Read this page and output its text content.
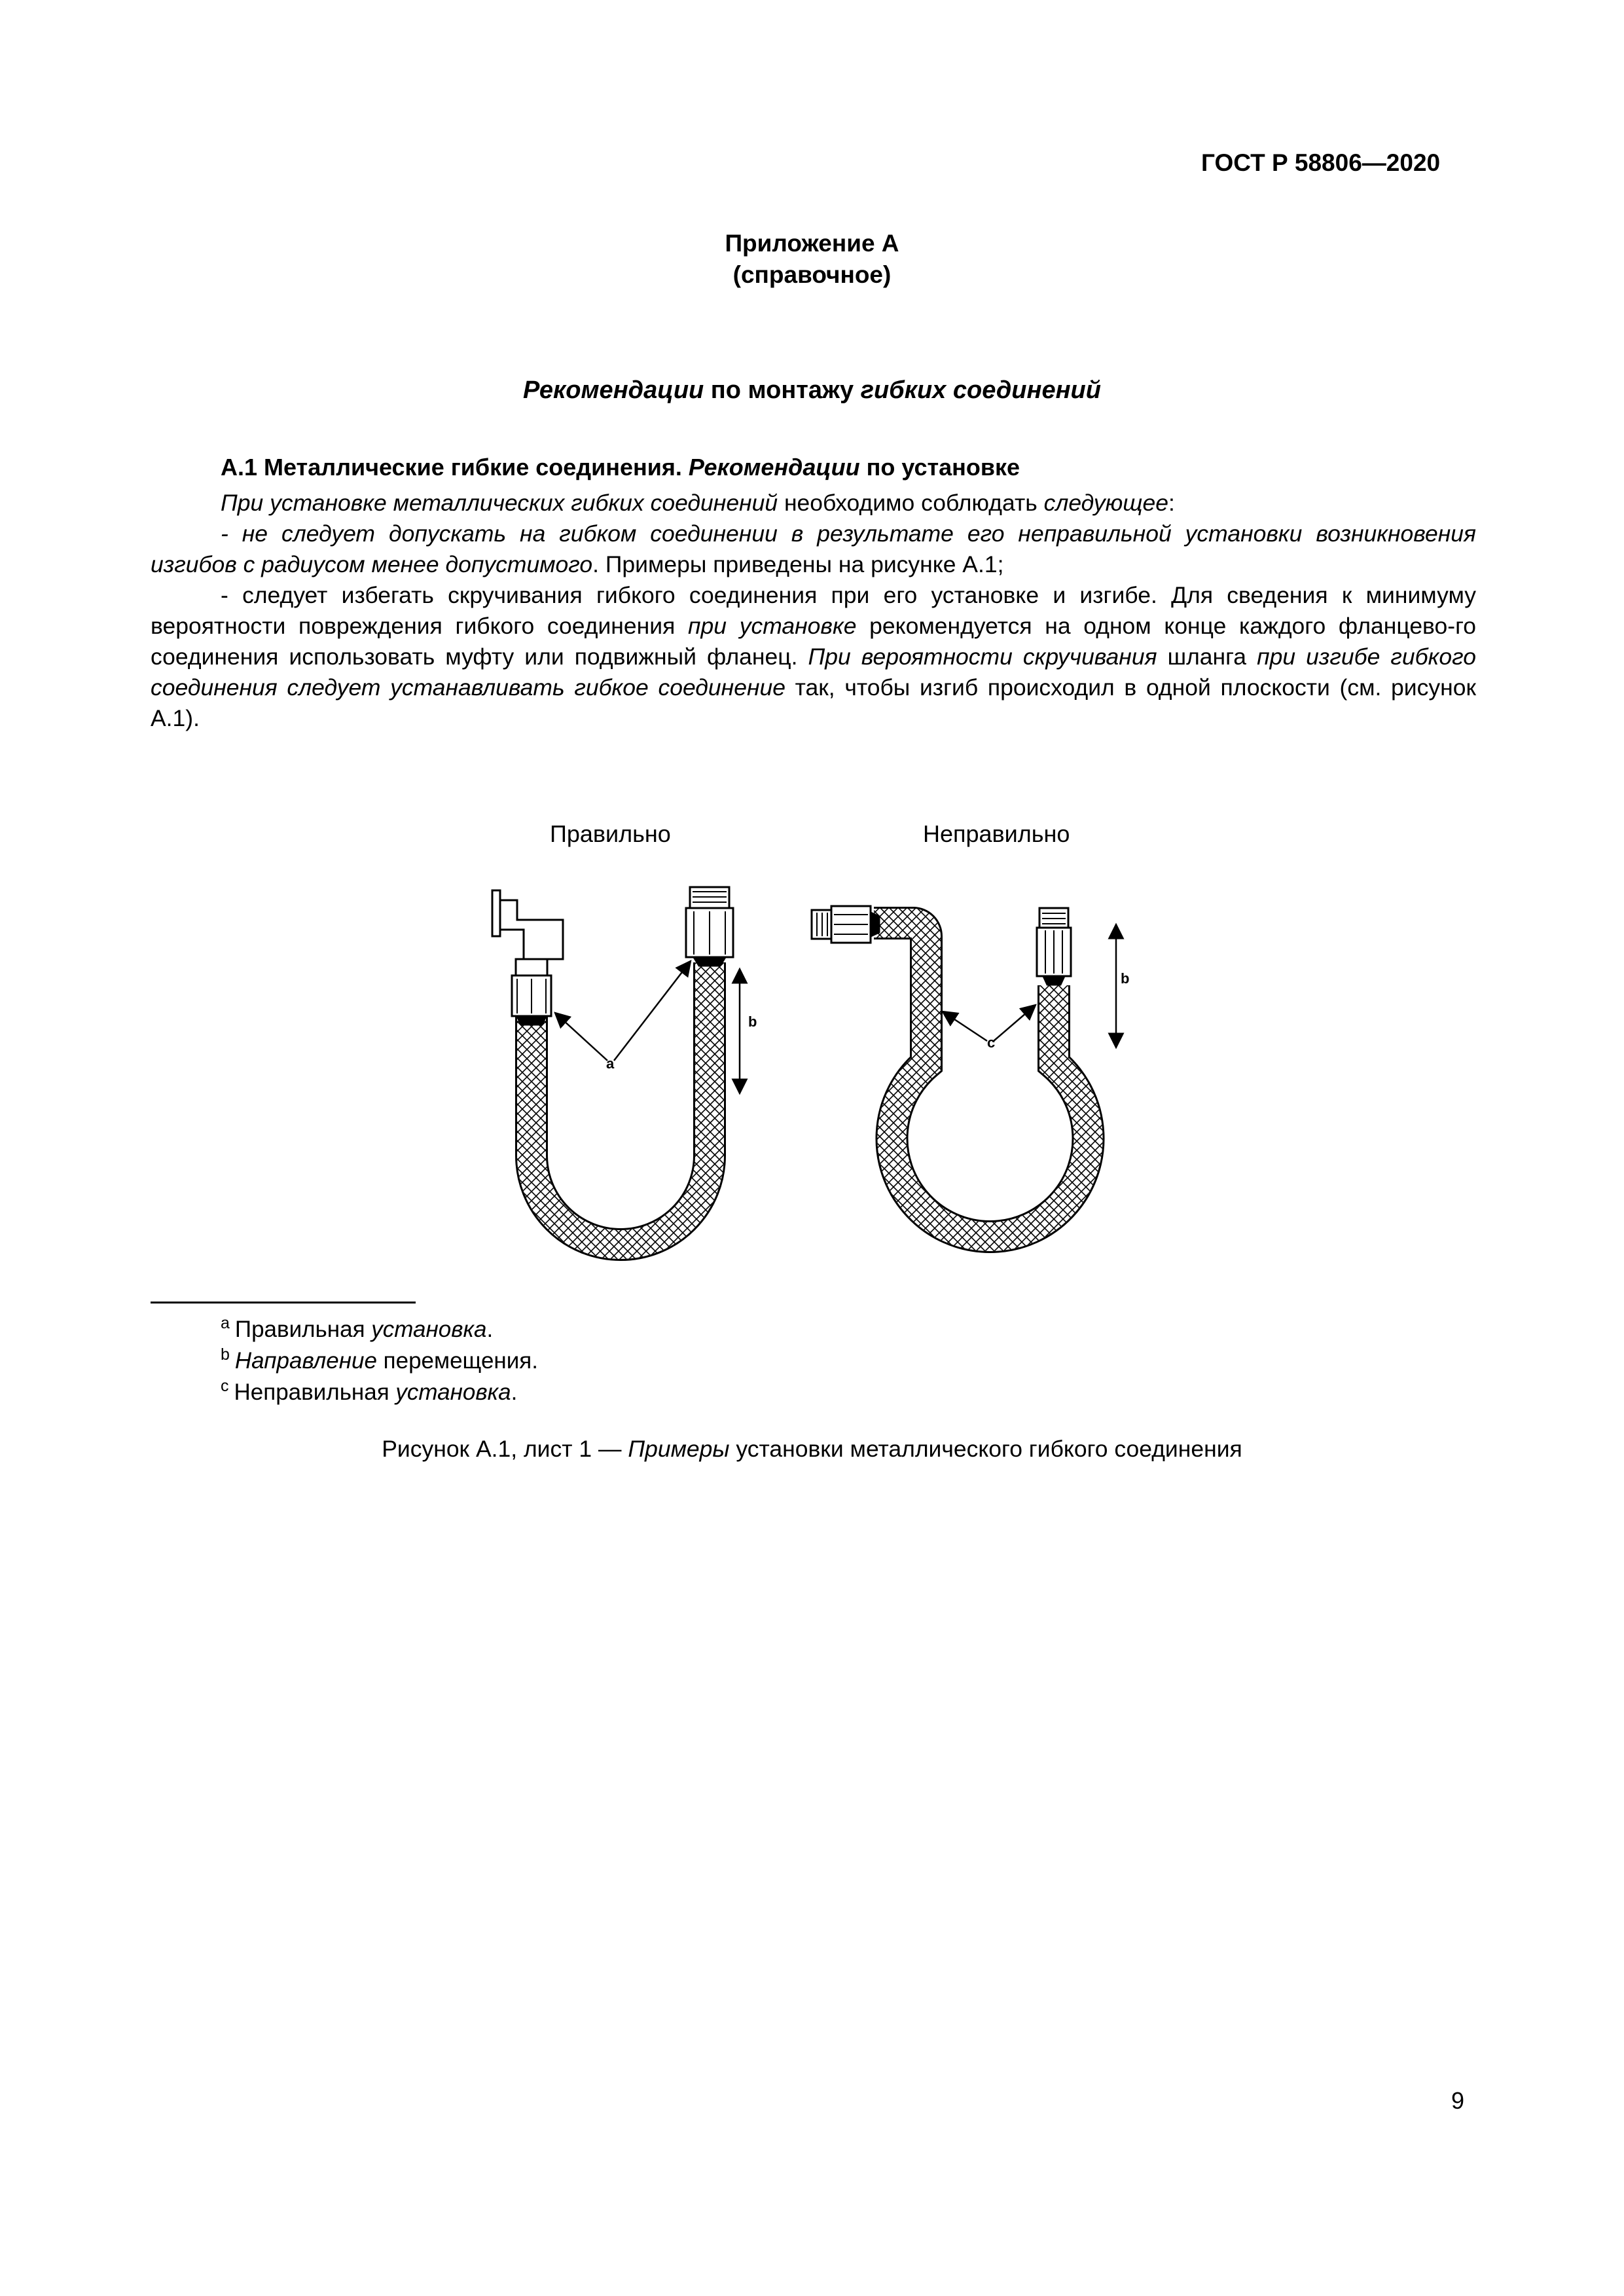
ГОСТ Р 58806—2020
Приложение А
(справочное)
Рекомендации по монтажу гибких соединений
А.1 Металлические гибкие соединения. Рекомендации по установке

При установке металлических гибких соединений необходимо соблюдать следующее:

- не следует допускать на гибком соединении в результате его неправильной установки возникновения изгибов с радиусом менее допустимого. Примеры приведены на рисунке А.1;

- следует избегать скручивания гибкого соединения при его установке и изгибе. Для сведения к минимуму вероятности повреждения гибкого соединения при установке рекомендуется на одном конце каждого фланцево-го соединения использовать муфту или подвижный фланец. При вероятности скручивания шланга при изгибе гибкого соединения следует устанавливать гибкое соединение так, чтобы изгиб происходил в одной плоскости (см. рисунок А.1).

Правильно	Неправильно
a
b
c
b
$^a$ Правильная установка.
$^b$ Направление перемещения.
$^c$ Неправильная установка.
Рисунок А.1, лист 1 — Примеры установки металлического гибкого соединения
9
